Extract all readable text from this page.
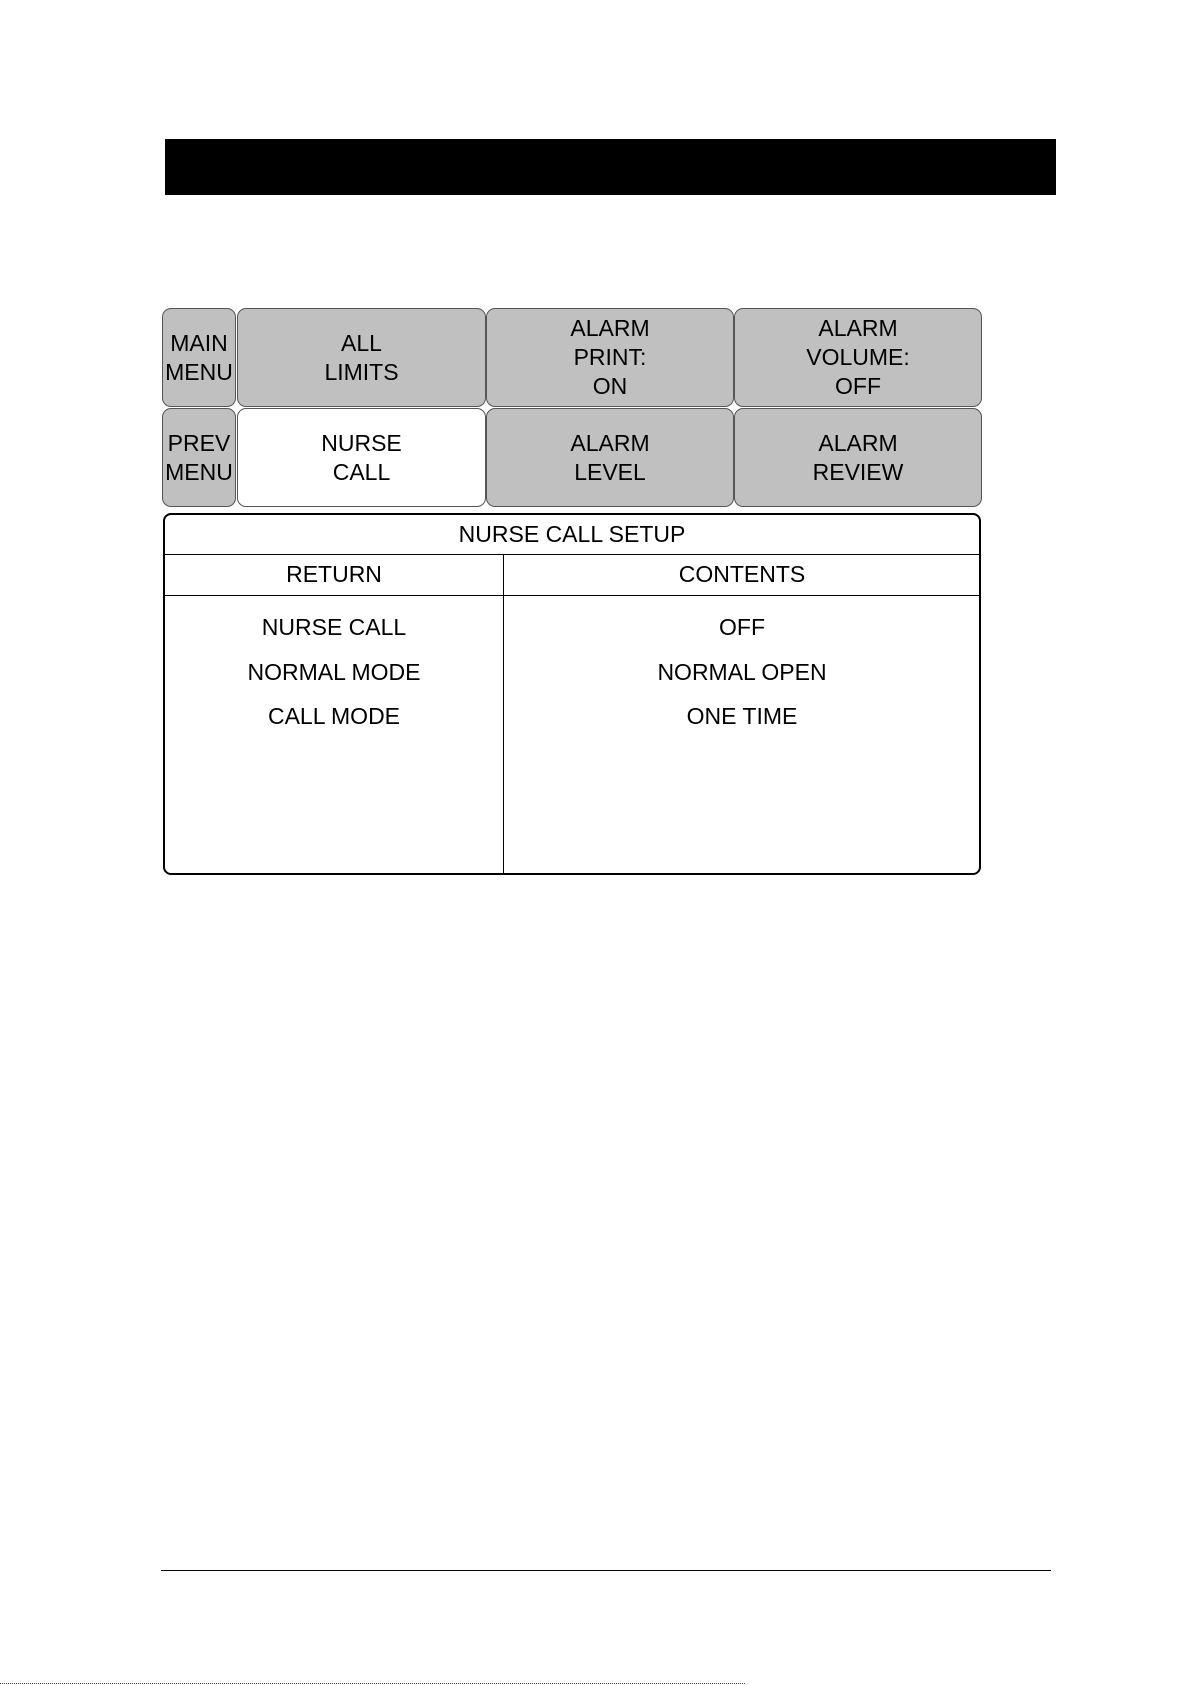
MAIN
MENU
ALL
LIMITS
ALARM
PRINT:
ON
ALARM
VOLUME:
OFF
PREV
MENU
NURSE
CALL
ALARM
LEVEL
ALARM
REVIEW
NURSE CALL SETUP
RETURN	CONTENTS
NURSE CALL
NORMAL MODE
CALL MODE
OFF
NORMAL OPEN
ONE TIME
